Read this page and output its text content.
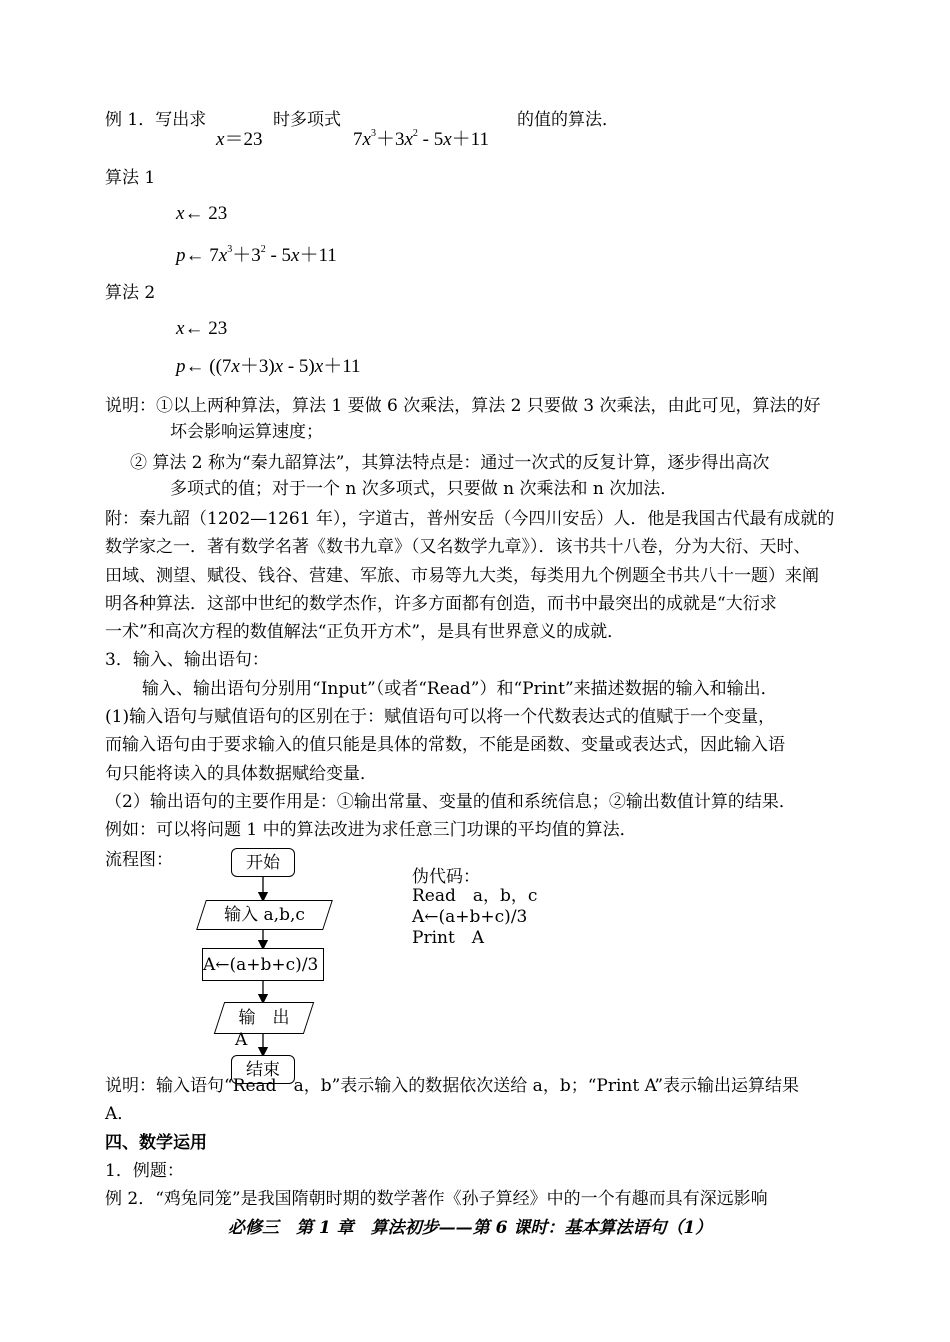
例 1．写出求
x＝23
时多项式
$7x^3+3x^2 - 5x+11$
的值的算法．
算法 1
x← 23
p← $7x^3+3^2 - 5x+11$
算法 2
x← 23
p← ((7x＋3)x - 5)x＋11
说明：①以上两种算法，算法 1 要做 6 次乘法，算法 2 只要做 3 次乘法，由此可见，算法的好
坏会影响运算速度；
② 算法 2 称为“秦九韶算法”，其算法特点是：通过一次式的反复计算，逐步得出高次
多项式的值；对于一个 n 次多项式，只要做 n 次乘法和 n 次加法．
附：秦九韶（1202—1261 年），字道古，普州安岳（今四川安岳）人．他是我国古代最有成就的
数学家之一．著有数学名著《数书九章》（又名数学九章》）．该书共十八卷，分为大衍、天时、
田域、测望、赋役、钱谷、营建、军旅、市易等九大类，每类用九个例题全书共八十一题）来阐
明各种算法．这部中世纪的数学杰作，许多方面都有创造，而书中最突出的成就是“大衍求
一术”和高次方程的数值解法“正负开方术”，是具有世界意义的成就．
3．输入、输出语句：
输入、输出语句分别用“Input”（或者“Read”）和“Print”来描述数据的输入和输出．
(1)输入语句与赋值语句的区别在于：赋值语句可以将一个代数表达式的值赋于一个变量，
而输入语句由于要求输入的值只能是具体的常数，不能是函数、变量或表达式，因此输入语
句只能将读入的具体数据赋给变量．
（2）输出语句的主要作用是：①输出常量、变量的值和系统信息；②输出数值计算的结果．
例如：可以将问题 1 中的算法改进为求任意三门功课的平均值的算法．
流程图：	开始
输入 a,b,c
A←(a+b+c)/3
输　出
A
结束
伪代码：
Read　a，b，c
A←(a+b+c)/3
Print　A
说明：输入语句“Read　a，b”表示输入的数据依次送给 a，b；“Print A”表示输出运算结果
A．
四、数学运用
1．例题：
例 2．“鸡兔同笼”是我国隋朝时期的数学著作《孙子算经》中的一个有趣而具有深远影响
必修三　第 1 章　算法初步——第 6 课时：基本算法语句（1）
